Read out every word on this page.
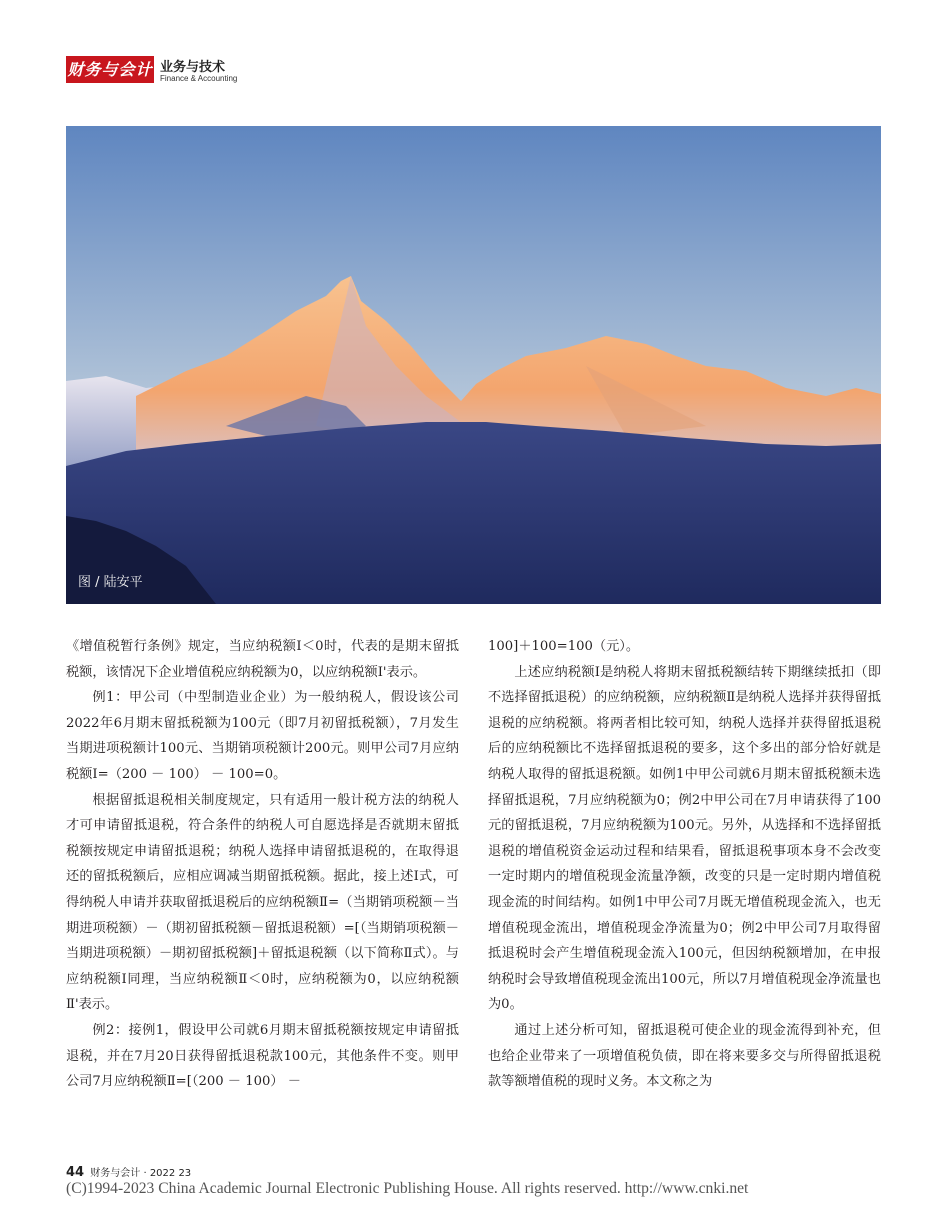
财务与会计 业务与技术
Finance & Accounting
图 / 陆安平

《增值税暂行条例》规定，当应纳税额Ⅰ＜0时，代表的是期末留抵税额，该情况下企业增值税应纳税额为0，以应纳税额Ⅰ'表示。

例1：甲公司（中型制造业企业）为一般纳税人，假设该公司2022年6月期末留抵税额为100元（即7月初留抵税额），7月发生当期进项税额计100元、当期销项税额计200元。则甲公司7月应纳税额Ⅰ=（200 － 100） － 100=0。

根据留抵退税相关制度规定，只有适用一般计税方法的纳税人才可申请留抵退税，符合条件的纳税人可自愿选择是否就期末留抵税额按规定申请留抵退税；纳税人选择申请留抵退税的，在取得退还的留抵税额后，应相应调减当期留抵税额。据此，接上述Ⅰ式，可得纳税人申请并获取留抵退税后的应纳税额Ⅱ=（当期销项税额－当期进项税额）－（期初留抵税额－留抵退税额）=[（当期销项税额－当期进项税额）－期初留抵税额]＋留抵退税额（以下简称Ⅱ式）。与应纳税额Ⅰ同理，当应纳税额Ⅱ＜0时，应纳税额为0，以应纳税额Ⅱ'表示。

例2：接例1，假设甲公司就6月期末留抵税额按规定申请留抵退税，并在7月20日获得留抵退税款100元，其他条件不变。则甲公司7月应纳税额Ⅱ=[（200 － 100） －

100]＋100=100（元）。

上述应纳税额Ⅰ是纳税人将期末留抵税额结转下期继续抵扣（即不选择留抵退税）的应纳税额，应纳税额Ⅱ是纳税人选择并获得留抵退税的应纳税额。将两者相比较可知，纳税人选择并获得留抵退税后的应纳税额比不选择留抵退税的要多，这个多出的部分恰好就是纳税人取得的留抵退税额。如例1中甲公司就6月期末留抵税额未选择留抵退税，7月应纳税额为0；例2中甲公司在7月申请获得了100元的留抵退税，7月应纳税额为100元。另外，从选择和不选择留抵退税的增值税资金运动过程和结果看，留抵退税事项本身不会改变一定时期内的增值税现金流量净额，改变的只是一定时期内增值税现金流的时间结构。如例1中甲公司7月既无增值税现金流入，也无增值税现金流出，增值税现金净流量为0；例2中甲公司7月取得留抵退税时会产生增值税现金流入100元，但因纳税额增加，在申报纳税时会导致增值税现金流出100元，所以7月增值税现金净流量也为0。

通过上述分析可知，留抵退税可使企业的现金流得到补充，但也给企业带来了一项增值税负债，即在将来要多交与所得留抵退税款等额增值税的现时义务。本文称之为

44 财务与会计 · 2022 23
(C)1994-2023 China Academic Journal Electronic Publishing House. All rights reserved. http://www.cnki.net
